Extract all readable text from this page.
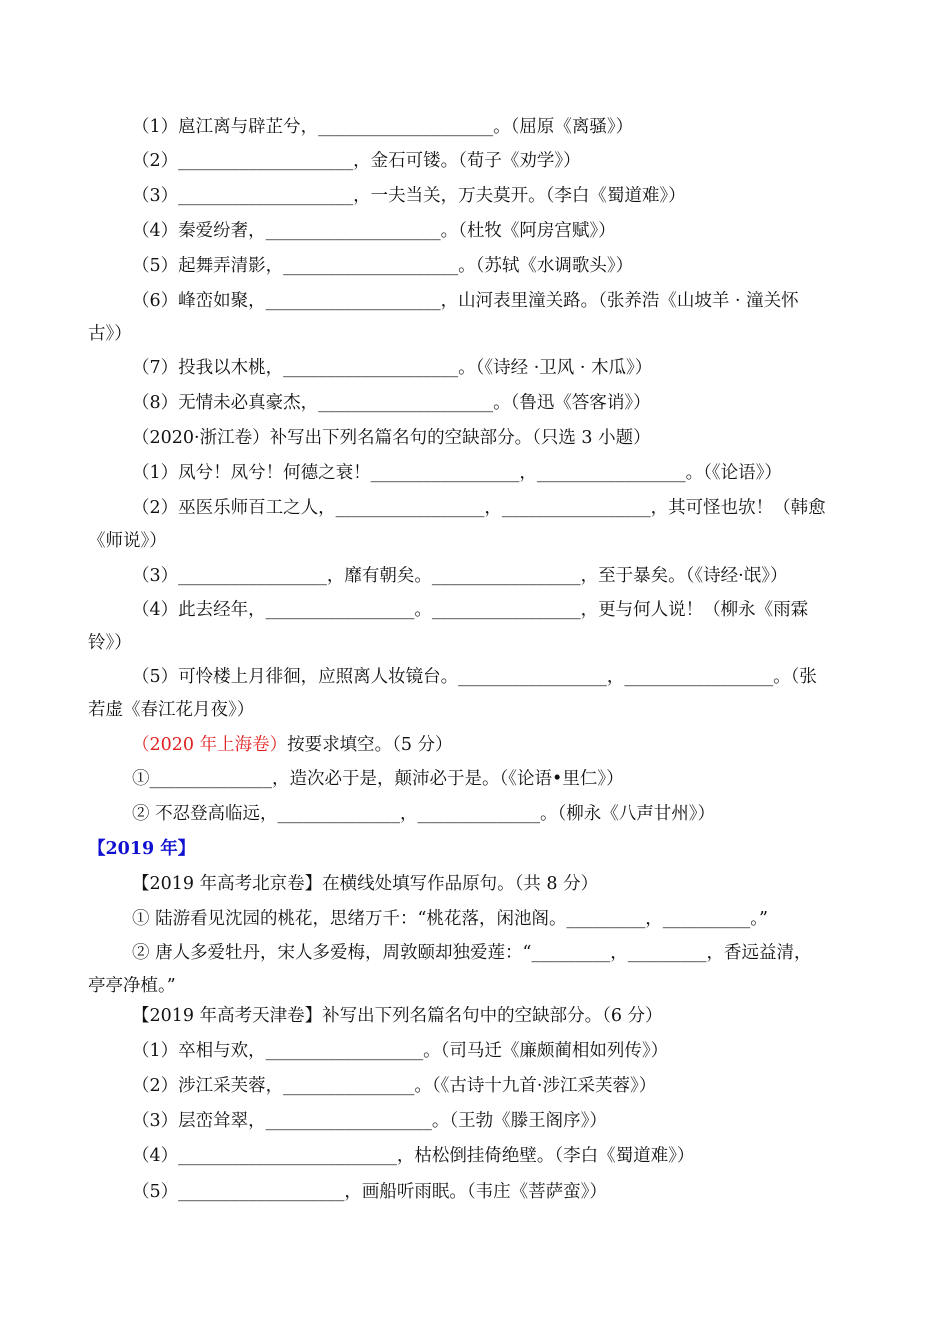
（1）扈江离与辟芷兮，____________________。（屈原《离骚》）
（2）____________________，金石可镂。（荀子《劝学》）
（3）____________________，一夫当关，万夫莫开。（李白《蜀道难》）
（4）秦爱纷奢，____________________。（杜牧《阿房宫赋》）
（5）起舞弄清影，____________________。（苏轼《水调歌头》）
（6）峰峦如聚，____________________，山河表里潼关路。（张养浩《山坡羊 · 潼关怀
古》）
（7）投我以木桃，____________________。（《诗经 ·卫风 · 木瓜》）
（8）无情未必真豪杰，____________________。（鲁迅《答客诮》）
（2020·浙江卷）补写出下列名篇名句的空缺部分。（只选 3 小题）
（1）凤兮！凤兮！何德之衰！_________________，_________________。（《论语》）
（2）巫医乐师百工之人，_________________，_________________，其可怪也欤！（韩愈
《师说》）
（3）_________________，靡有朝矣。_________________，至于暴矣。（《诗经·氓》）
（4）此去经年，_________________。_________________，更与何人说！（柳永《雨霖
铃》）
（5）可怜楼上月徘徊，应照离人妆镜台。_________________，_________________。（张
若虚《春江花月夜》）
（2020 年上海卷）按要求填空。（5 分）
①______________，造次必于是，颠沛必于是。（《论语•里仁》）
② 不忍登高临远，______________，______________。（柳永《八声甘州》）
【2019 年】
【2019 年高考北京卷】在横线处填写作品原句。（共 8 分）
① 陆游看见沈园的桃花，思绪万千：“桃花落，闲池阁。_________，__________。”
② 唐人多爱牡丹，宋人多爱梅，周敦颐却独爱莲：“_________，_________，香远益清，
亭亭净植。”
【2019 年高考天津卷】补写出下列名篇名句中的空缺部分。（6 分）
（1）卒相与欢，__________________。（司马迁《廉颇蔺相如列传》）
（2）涉江采芙蓉，_______________。（《古诗十九首·涉江采芙蓉》）
（3）层峦耸翠，___________________。（王勃《滕王阁序》）
（4）_________________________，枯松倒挂倚绝壁。（李白《蜀道难》）
（5）___________________，画船听雨眠。（韦庄《菩萨蛮》）
